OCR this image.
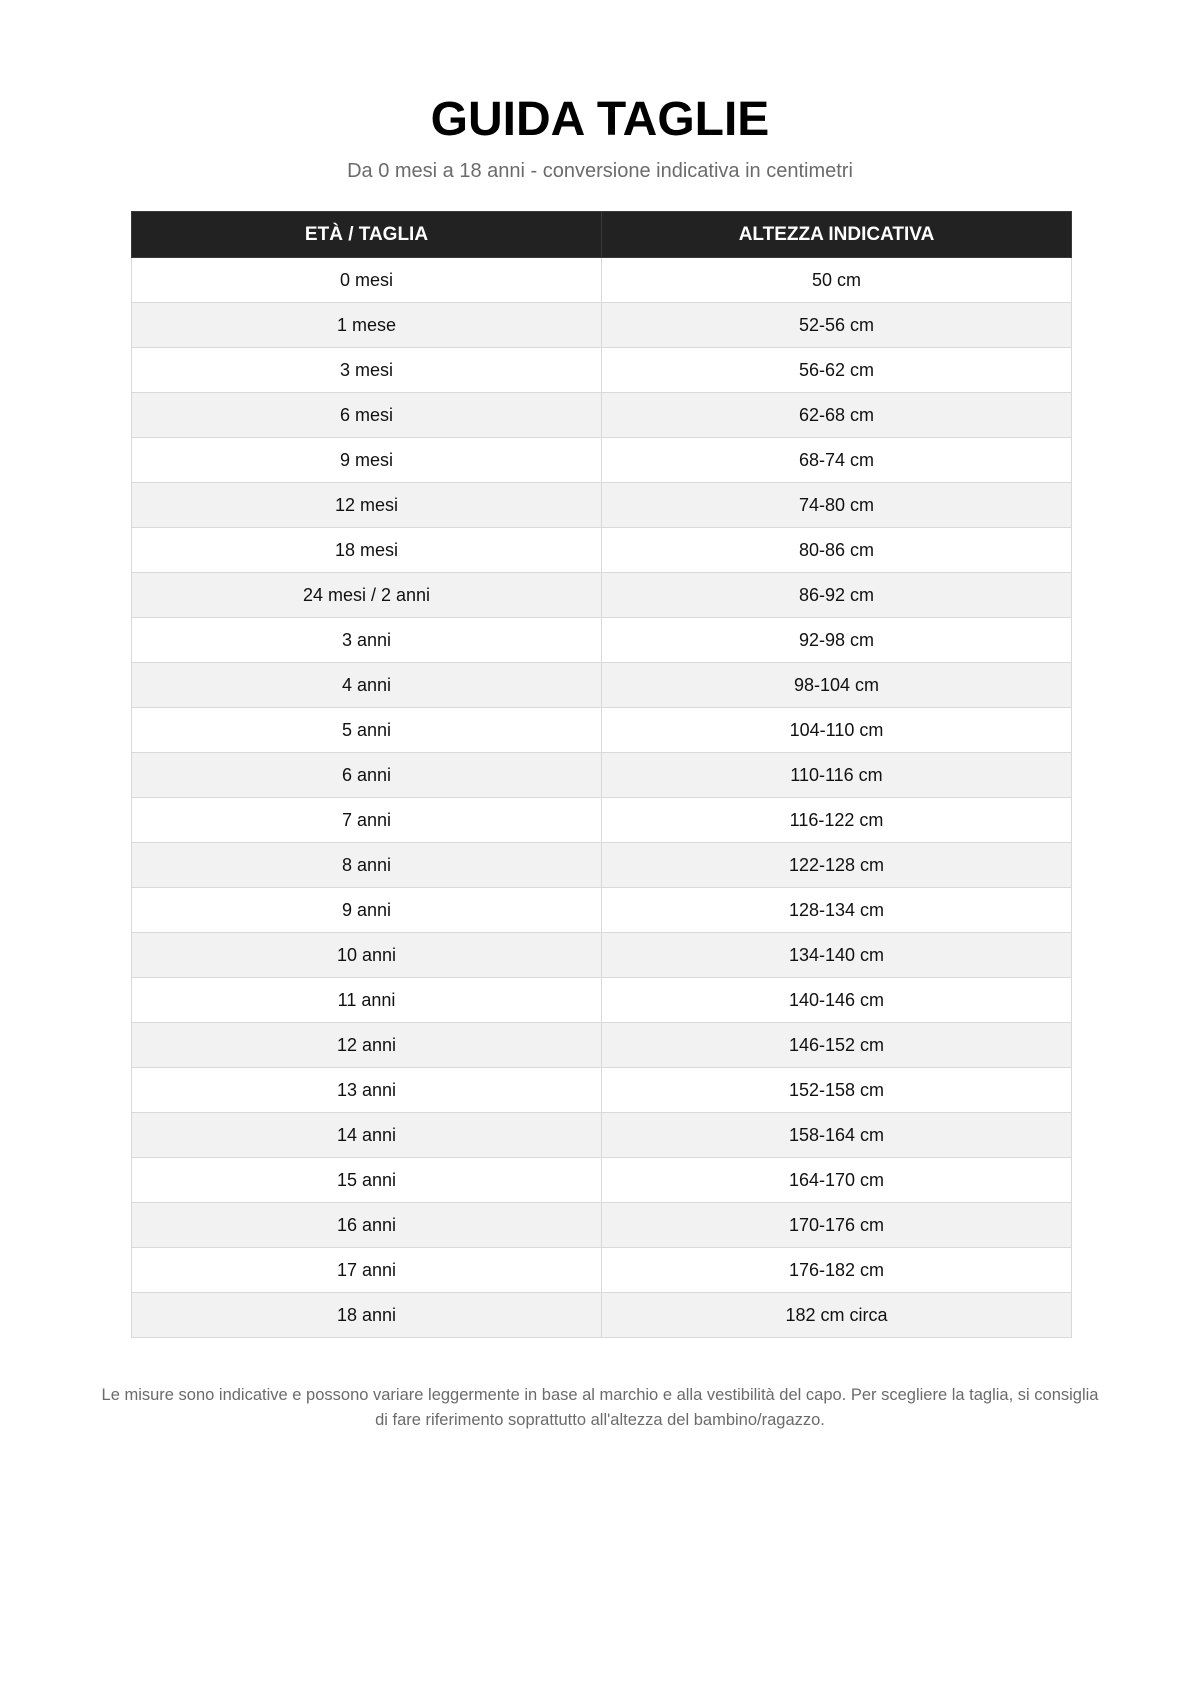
GUIDA TAGLIE
Da 0 mesi a 18 anni - conversione indicativa in centimetri
ETÀ / TAGLIA	ALTEZZA INDICATIVA
0 mesi	50 cm
1 mese	52-56 cm
3 mesi	56-62 cm
6 mesi	62-68 cm
9 mesi	68-74 cm
12 mesi	74-80 cm
18 mesi	80-86 cm
24 mesi / 2 anni	86-92 cm
3 anni	92-98 cm
4 anni	98-104 cm
5 anni	104-110 cm
6 anni	110-116 cm
7 anni	116-122 cm
8 anni	122-128 cm
9 anni	128-134 cm
10 anni	134-140 cm
11 anni	140-146 cm
12 anni	146-152 cm
13 anni	152-158 cm
14 anni	158-164 cm
15 anni	164-170 cm
16 anni	170-176 cm
17 anni	176-182 cm
18 anni	182 cm circa

Le misure sono indicative e possono variare leggermente in base al marchio e alla vestibilità del capo. Per scegliere la taglia, si consiglia di fare riferimento soprattutto all'altezza del bambino/ragazzo.
